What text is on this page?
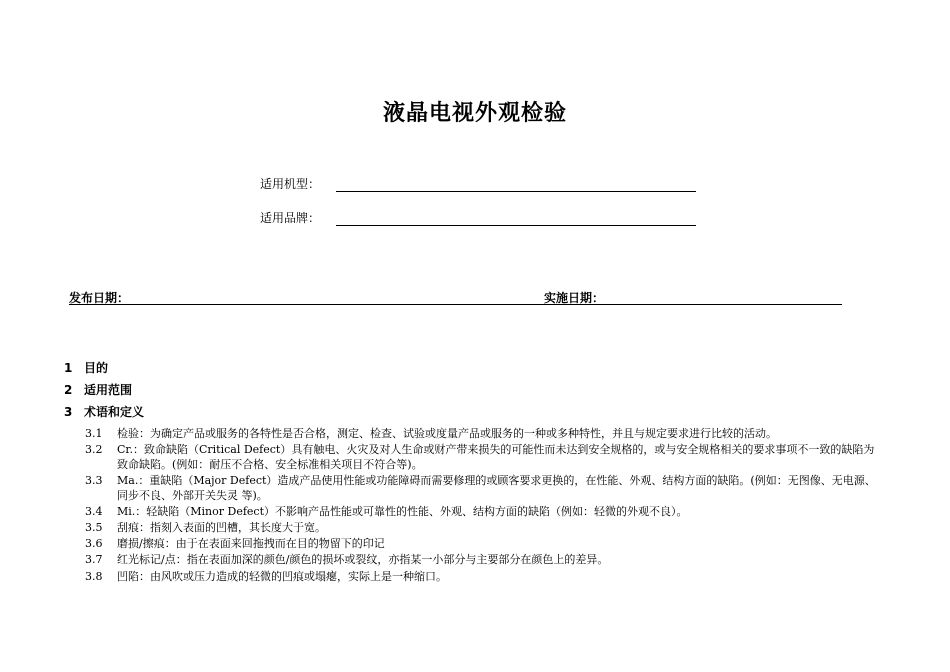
液晶电视外观检验
适用机型：
适用品牌：
发布日期：	实施日期：
1 目的
2 适用范围
3 术语和定义
3.1	检验：为确定产品或服务的各特性是否合格，测定、检查、试验或度量产品或服务的一种或多种特性，并且与规定要求进行比较的活动。
3.2	Cr.：致命缺陷（Critical Defect）具有触电、火灾及对人生命或财产带来损失的可能性而未达到安全规格的，或与安全规格相关的要求事项不一致的缺陷为致命缺陷。(例如：耐压不合格、安全标准相关项目不符合等)。
3.3	Ma.：重缺陷（Major Defect）造成产品使用性能或功能障碍而需要修理的或顾客要求更换的，在性能、外观、结构方面的缺陷。(例如：无图像、无电源、同步不良、外部开关失灵 等)。
3.4	Mi.：轻缺陷（Minor Defect）不影响产品性能或可靠性的性能、外观、结构方面的缺陷（例如：轻微的外观不良）。
3.5	刮痕：指刻入表面的凹槽，其长度大于宽。
3.6	磨损/擦痕：由于在表面来回拖拽而在目的物留下的印记
3.7	红光标记/点：指在表面加深的颜色/颜色的损坏或裂纹，亦指某一小部分与主要部分在颜色上的差异。
3.8	凹陷：由风吹或压力造成的轻微的凹痕或塌瘪，实际上是一种缩口。
